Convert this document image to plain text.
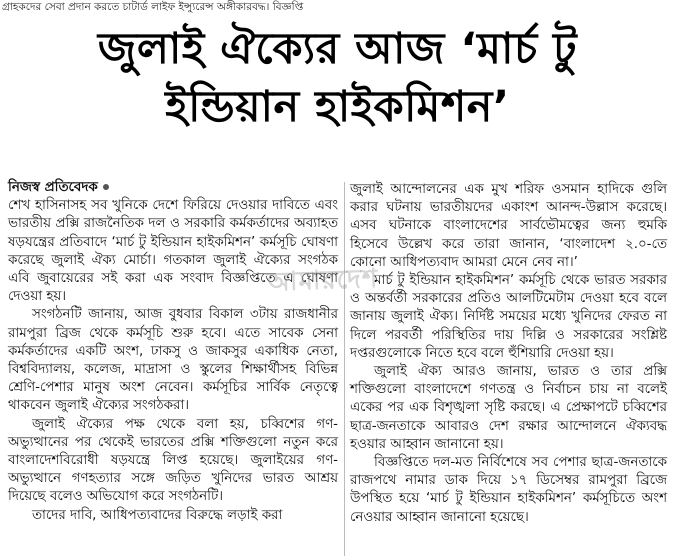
গ্রাহকদের সেবা প্রদান করতে চাটার্ড লাইফ ইন্স্যুরেন্স অঙ্গীকারবদ্ধ। বিজ্ঞপ্তি
জুলাই ঐক্যের আজ ‘মার্চ টু
ইন্ডিয়ান হাইকমিশন’
নিজস্ব প্রতিবেদক

শেখ হাসিনাসহ সব খুনিকে দেশে ফিরিয়ে দেওয়ার দাবিতে এবং ভারতীয় প্রক্সি রাজনৈতিক দল ও সরকারি কর্মকর্তাদের অব্যাহত ষড়যন্ত্রের প্রতিবাদে ‘মার্চ টু ইন্ডিয়ান হাইকমিশন’ কর্মসূচি ঘোষণা করেছে জুলাই ঐক্য মোর্চা। গতকাল জুলাই ঐক্যের সংগঠক এবি জুবায়েরের সই করা এক সংবাদ বিজ্ঞপ্তিতে এ ঘোষণা দেওয়া হয়।

সংগঠনটি জানায়, আজ বুধবার বিকাল ৩টায় রাজধানীর রামপুরা ব্রিজ থেকে কর্মসূচি শুরু হবে। এতে সাবেক সেনা কর্মকর্তাদের একটি অংশ, ঢাকসু ও জাকসুর একাধিক নেতা, বিশ্ববিদ্যালয়, কলেজ, মাদ্রাসা ও স্কুলের শিক্ষার্থীসহ বিভিন্ন শ্রেণি-পেশার মানুষ অংশ নেবেন। কর্মসূচির সার্বিক নেতৃত্বে থাকবেন জুলাই ঐক্যের সংগঠকরা।

জুলাই ঐক্যের পক্ষ থেকে বলা হয়, চব্বিশের গণ-অভ্যুত্থানের পর থেকেই ভারতের প্রক্সি শক্তিগুলো নতুন করে বাংলাদেশবিরোধী ষড়যন্ত্রে লিপ্ত হয়েছে। জুলাইয়ের গণ-অভ্যুত্থানে গণহত্যার সঙ্গে জড়িত খুনিদের ভারত আশ্রয় দিয়েছে বলেও অভিযোগ করে সংগঠনটি।

তাদের দাবি, আধিপত্যবাদের বিরুদ্ধে লড়াই করা

জুলাই আন্দোলনের এক মুখ শরিফ ওসমান হাদিকে গুলি করার ঘটনায় ভারতীয়দের একাংশ আনন্দ-উল্লাস করেছে। এসব ঘটনাকে বাংলাদেশের সার্বভৌমত্বের জন্য হুমকি হিসেবে উল্লেখ করে তারা জানান, ‘বাংলাদেশ ২.০-তে কোনো আধিপত্যবাদ আমরা মেনে নেব না।’

মার্চ টু ইন্ডিয়ান হাইকমিশন’ কর্মসূচি থেকে ভারত সরকার ও অন্তর্বর্তী সরকারের প্রতিও আলটিমেটাম দেওয়া হবে বলে জানায় জুলাই ঐক্য। নির্দিষ্ট সময়ের মধ্যে খুনিদের ফেরত না দিলে পরবর্তী পরিস্থিতির দায় দিল্লি ও সরকারের সংশ্লিষ্ট দপ্তরগুলোকে নিতে হবে বলে হুঁশিয়ারি দেওয়া হয়।

জুলাই ঐক্য আরও জানায়, ভারত ও তার প্রক্সি শক্তিগুলো বাংলাদেশে গণতন্ত্র ও নির্বাচন চায় না বলেই একের পর এক বিশৃঙ্খলা সৃষ্টি করছে। এ প্রেক্ষাপটে চব্বিশের ছাত্র-জনতাকে আবারও দেশ রক্ষার আন্দোলনে ঐক্যবদ্ধ হওয়ার আহ্বান জানানো হয়।

বিজ্ঞপ্তিতে দল-মত নির্বিশেষে সব পেশার ছাত্র-জনতাকে রাজপথে নামার ডাক দিয়ে ১৭ ডিসেম্বর রামপুরা ব্রিজে উপস্থিত হয়ে ‘মার্চ টু ইন্ডিয়ান হাইকমিশন’ কর্মসূচিতে অংশ নেওয়ার আহ্বান জানানো হয়েছে।

আমারদেশ
